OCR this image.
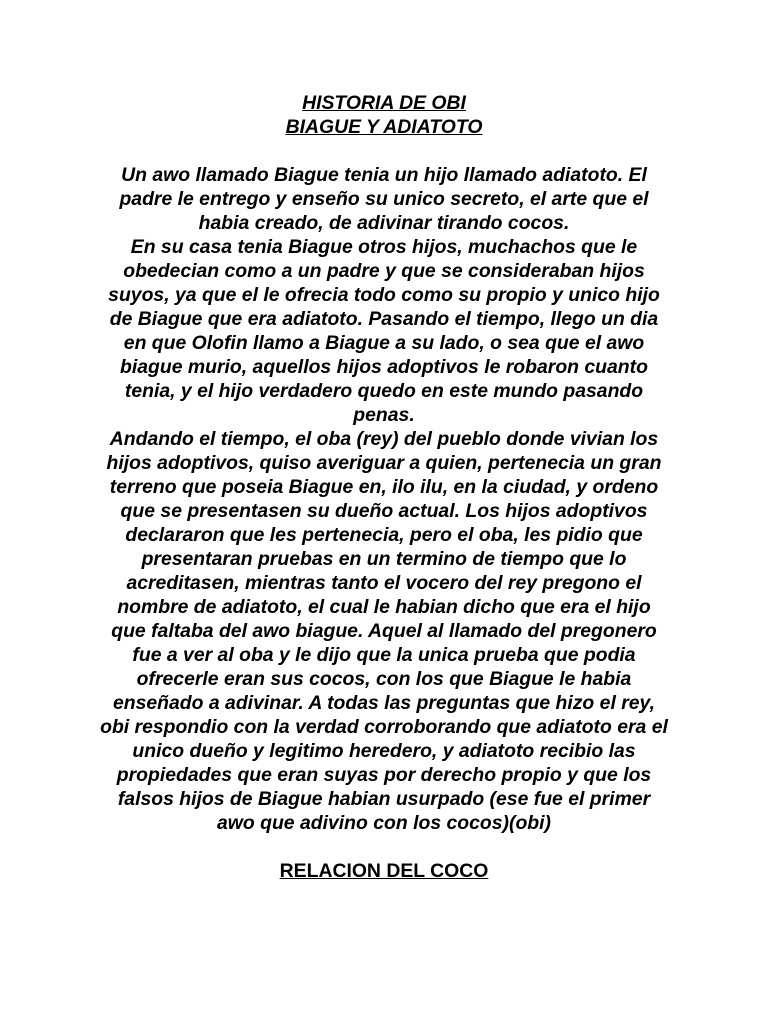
HISTORIA DE OBI
BIAGUE Y ADIATOTO

Un awo llamado Biague tenia un hijo llamado adiatoto. El padre le entrego y enseño su unico secreto, el arte que el habia creado, de adivinar tirando cocos.

En su casa tenia Biague otros hijos, muchachos que le obedecian como a un padre y que se consideraban hijos suyos, ya que el le ofrecia todo como su propio y unico hijo de Biague que era adiatoto. Pasando el tiempo, llego un dia en que Olofin llamo a Biague a su lado, o sea que el awo biague murio, aquellos hijos adoptivos le robaron cuanto tenia, y el hijo verdadero quedo en este mundo pasando penas.

Andando el tiempo, el oba (rey) del pueblo donde vivian los hijos adoptivos, quiso averiguar a quien, pertenecia un gran terreno que poseia Biague en, ilo ilu, en la ciudad, y ordeno que se presentasen su dueño actual. Los hijos adoptivos declararon que les pertenecia, pero el oba, les pidio que presentaran pruebas en un termino de tiempo que lo acreditasen, mientras tanto el vocero del rey pregono el nombre de adiatoto, el cual le habian dicho que era el hijo que faltaba del awo biague. Aquel al llamado del pregonero fue a ver al oba y le dijo que la unica prueba que podia ofrecerle eran sus cocos, con los que Biague le habia enseñado a adivinar. A todas las preguntas que hizo el rey, obi respondio con la verdad corroborando que adiatoto era el unico dueño y legitimo heredero, y adiatoto recibio las propiedades que eran suyas por derecho propio y que los falsos hijos de Biague habian usurpado (ese fue el primer awo que adivino con los cocos)(obi)

RELACION DEL COCO
